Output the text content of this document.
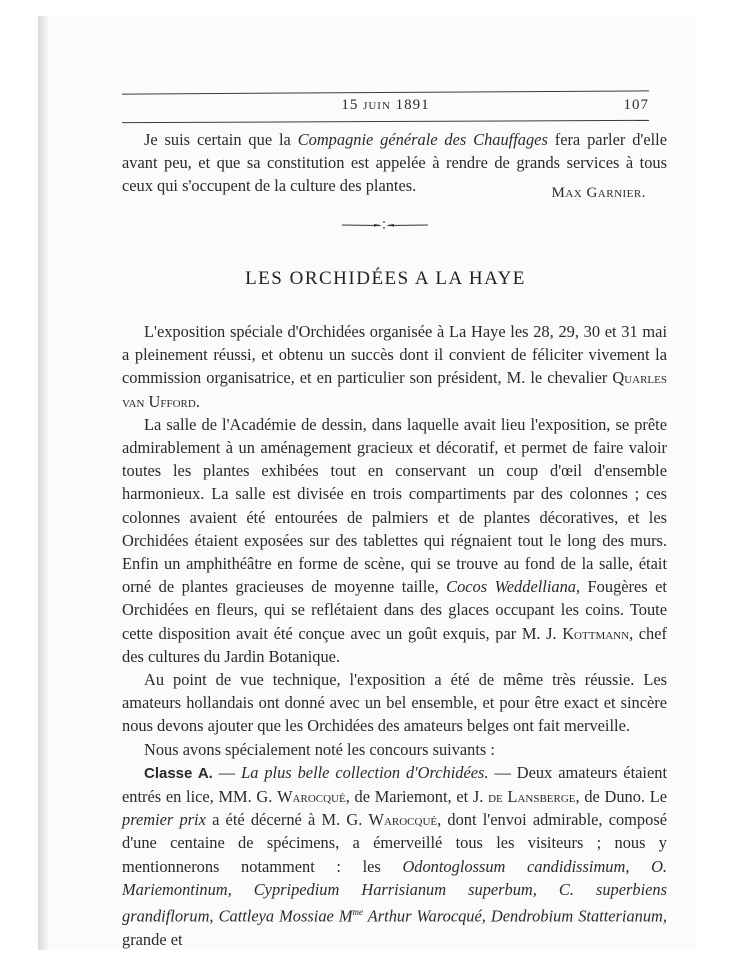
15 juin 1891	107

Je suis certain que la Compagnie générale des Chauffages fera parler d'elle avant peu, et que sa constitution est appelée à rendre de grands services à tous ceux qui s'occupent de la culture des plantes.	Max Garnier.
LES ORCHIDÉES A LA HAYE

L'exposition spéciale d'Orchidées organisée à La Haye les 28, 29, 30 et 31 mai a pleinement réussi, et obtenu un succès dont il convient de féliciter vivement la commission organisatrice, et en particulier son président, M. le chevalier Quarles van Ufford.

La salle de l'Académie de dessin, dans laquelle avait lieu l'exposition, se prête admirablement à un aménagement gracieux et décoratif, et permet de faire valoir toutes les plantes exhibées tout en conservant un coup d'œil d'ensemble harmonieux. La salle est divisée en trois compartiments par des colonnes ; ces colonnes avaient été entourées de palmiers et de plantes décoratives, et les Orchidées étaient exposées sur des tablettes qui régnaient tout le long des murs. Enfin un amphithéâtre en forme de scène, qui se trouve au fond de la salle, était orné de plantes gracieuses de moyenne taille, Cocos Weddelliana, Fougères et Orchidées en fleurs, qui se reflétaient dans des glaces occupant les coins. Toute cette disposition avait été conçue avec un goût exquis, par M. J. Kottmann, chef des cultures du Jardin Botanique.

Au point de vue technique, l'exposition a été de même très réussie. Les amateurs hollandais ont donné avec un bel ensemble, et pour être exact et sincère nous devons ajouter que les Orchidées des amateurs belges ont fait merveille.

Nous avons spécialement noté les concours suivants :

Classe A. — La plus belle collection d'Orchidées. — Deux amateurs étaient entrés en lice, MM. G. Warocqué, de Mariemont, et J. de Lansberge, de Duno. Le premier prix a été décerné à M. G. Warocqué, dont l'envoi admirable, composé d'une centaine de spécimens, a émerveillé tous les visiteurs ; nous y mentionnerons notamment : les Odontoglossum candidissimum, O. Mariemontinum, Cypripedium Harrisianum superbum, C. superbiens grandiflorum, Cattleya Mossiae $M^{me}$ Arthur Warocqué, Dendrobium Statterianum, grande et
